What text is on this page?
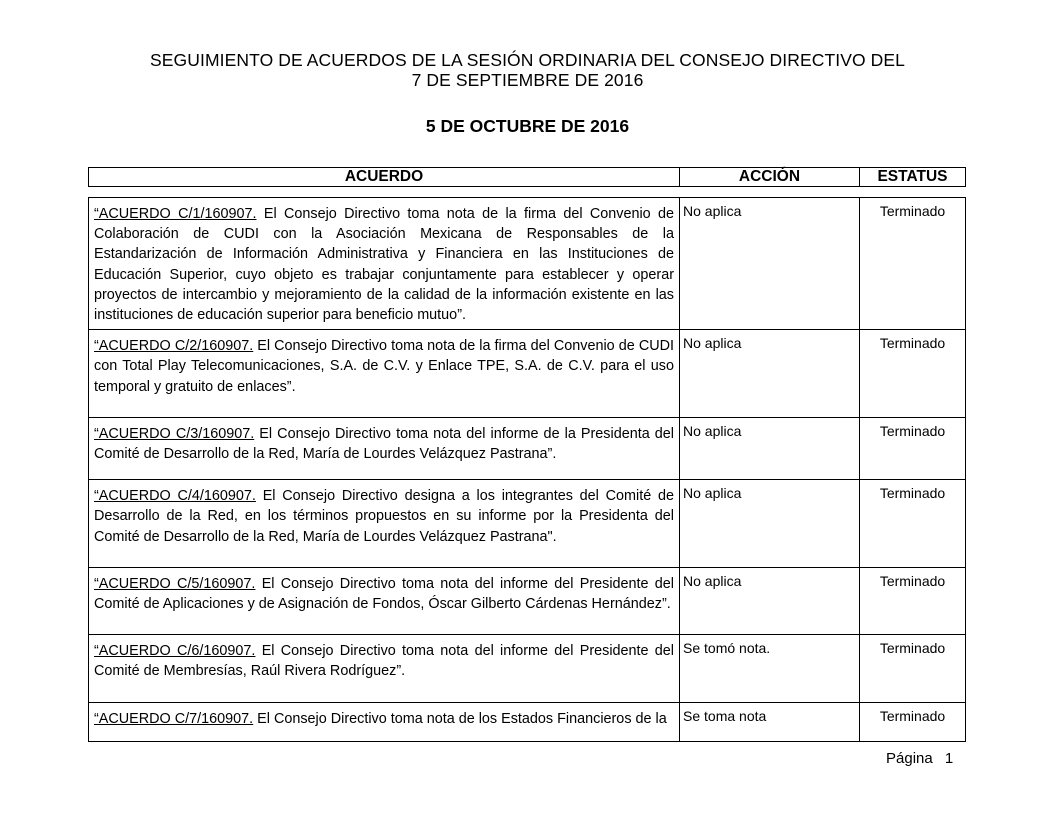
SEGUIMIENTO DE ACUERDOS DE LA SESIÓN ORDINARIA DEL CONSEJO DIRECTIVO DEL
7 DE SEPTIEMBRE DE 2016
5 DE OCTUBRE DE 2016
ACUERDO	ACCIÓN	ESTATUS

“ACUERDO C/1/160907. El Consejo Directivo toma nota de la firma del Convenio de Colaboración de CUDI con la Asociación Mexicana de Responsables de la Estandarización de Información Administrativa y Financiera en las Instituciones de Educación Superior, cuyo objeto es trabajar conjuntamente para establecer y operar proyectos de intercambio y mejoramiento de la calidad de la información existente en las instituciones de educación superior para beneficio mutuo”.	No aplica	Terminado
“ACUERDO C/2/160907. El Consejo Directivo toma nota de la firma del Convenio de CUDI con Total Play Telecomunicaciones, S.A. de C.V. y Enlace TPE, S.A. de C.V. para el uso temporal y gratuito de enlaces”.	No aplica	Terminado
“ACUERDO C/3/160907. El Consejo Directivo toma nota del informe de la Presidenta del Comité de Desarrollo de la Red, María de Lourdes Velázquez Pastrana”.	No aplica	Terminado
“ACUERDO C/4/160907. El Consejo Directivo designa a los integrantes del Comité de Desarrollo de la Red, en los términos propuestos en su informe por la Presidenta del Comité de Desarrollo de la Red, María de Lourdes Velázquez Pastrana".	No aplica	Terminado
“ACUERDO C/5/160907. El Consejo Directivo toma nota del informe del Presidente del Comité de Aplicaciones y de Asignación de Fondos, Óscar Gilberto Cárdenas Hernández”.	No aplica	Terminado
“ACUERDO C/6/160907. El Consejo Directivo toma nota del informe del Presidente del Comité de Membresías, Raúl Rivera Rodríguez”.	Se tomó nota.	Terminado
“ACUERDO C/7/160907. El Consejo Directivo toma nota de los Estados Financieros de la	Se toma nota	Terminado
Página 1
